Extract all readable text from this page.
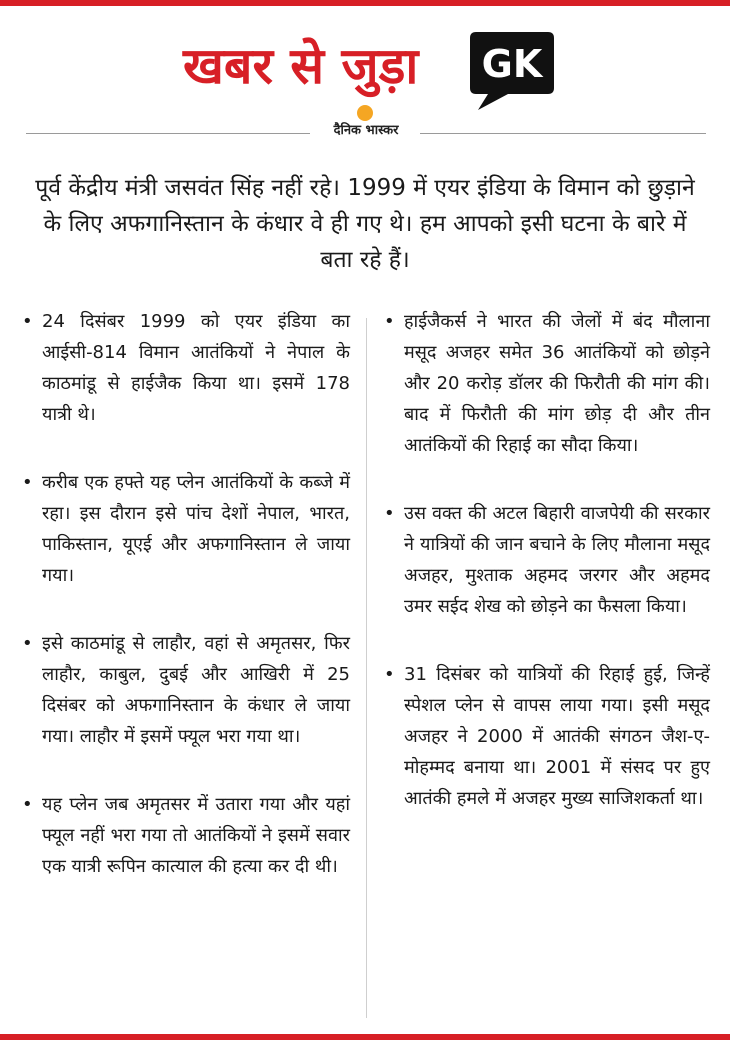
खबर से जुड़ा GK
दैनिक भास्कर
पूर्व केंद्रीय मंत्री जसवंत सिंह नहीं रहे। 1999 में एयर इंडिया के विमान को छुड़ाने के लिए अफगानिस्तान के कंधार वे ही गए थे। हम आपको इसी घटना के बारे में बता रहे हैं।
• 24 दिसंबर 1999 को एयर इंडिया का आईसी-814 विमान आतंकियों ने नेपाल के काठमांडू से हाईजैक किया था। इसमें 178 यात्री थे।
• करीब एक हफ्ते यह प्लेन आतंकियों के कब्जे में रहा। इस दौरान इसे पांच देशों नेपाल, भारत, पाकिस्तान, यूएई और अफगानिस्तान ले जाया गया।
• इसे काठमांडू से लाहौर, वहां से अमृतसर, फिर लाहौर, काबुल, दुबई और आखिरी में 25 दिसंबर को अफगानिस्तान के कंधार ले जाया गया। लाहौर में इसमें फ्यूल भरा गया था।
• यह प्लेन जब अमृतसर में उतारा गया और यहां फ्यूल नहीं भरा गया तो आतंकियों ने इसमें सवार एक यात्री रूपिन कात्याल की हत्या कर दी थी।
• हाईजैकर्स ने भारत की जेलों में बंद मौलाना मसूद अजहर समेत 36 आतंकियों को छोड़ने और 20 करोड़ डॉलर की फिरौती की मांग की। बाद में फिरौती की मांग छोड़ दी और तीन आतंकियों की रिहाई का सौदा किया।
• उस वक्त की अटल बिहारी वाजपेयी की सरकार ने यात्रियों की जान बचाने के लिए मौलाना मसूद अजहर, मुश्ताक अहमद जरगर और अहमद उमर सईद शेख को छोड़ने का फैसला किया।
• 31 दिसंबर को यात्रियों की रिहाई हुई, जिन्हें स्पेशल प्लेन से वापस लाया गया। इसी मसूद अजहर ने 2000 में आतंकी संगठन जैश-ए-मोहम्मद बनाया था। 2001 में संसद पर हुए आतंकी हमले में अजहर मुख्य साजिशकर्ता था।
